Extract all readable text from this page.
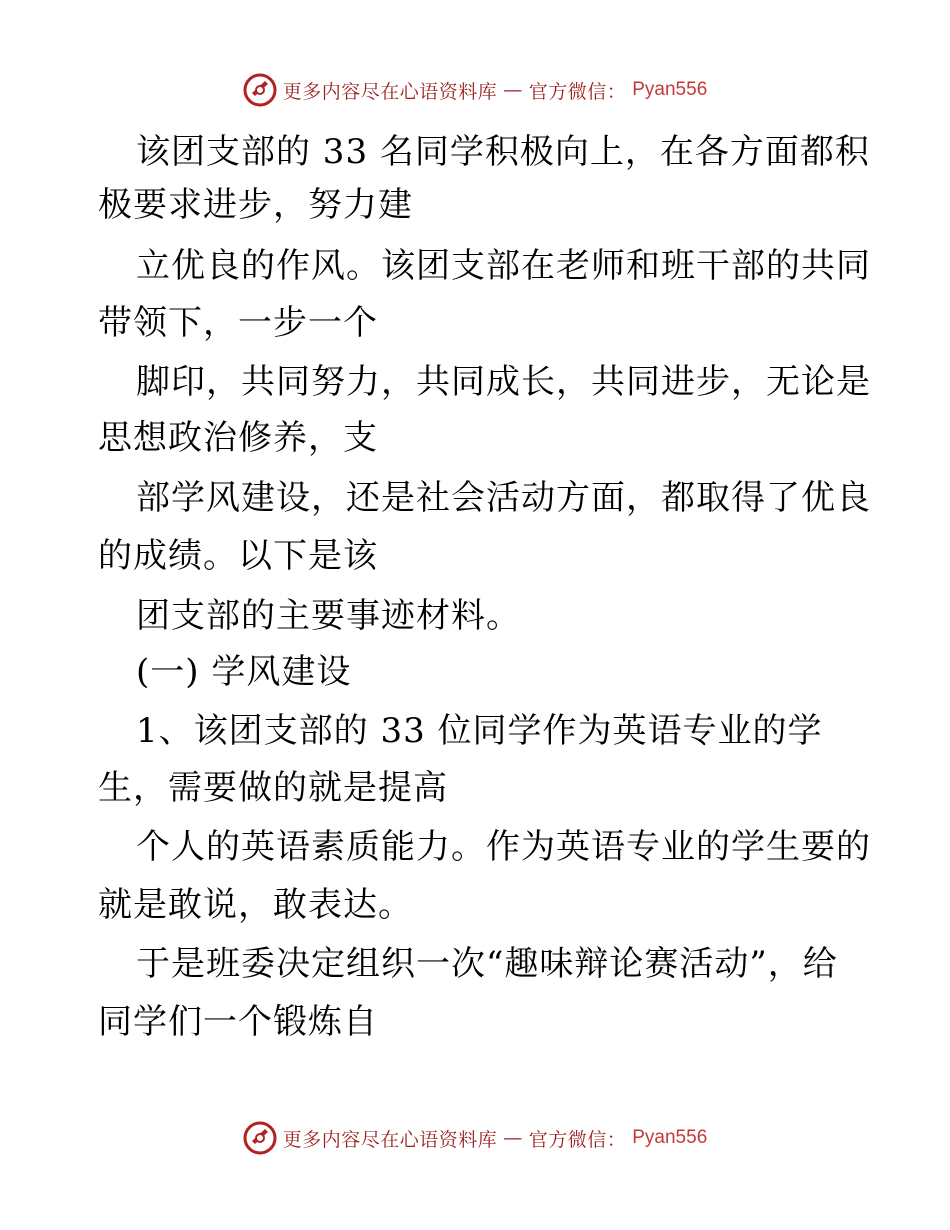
更多内容尽在心语资料库 — 官方微信： Pyan556
该团支部的 33 名同学积极向上，在各方面都积
极要求进步，努力建
立优良的作风。该团支部在老师和班干部的共同
带领下，一步一个
脚印，共同努力，共同成长，共同进步，无论是
思想政治修养，支
部学风建设，还是社会活动方面，都取得了优良
的成绩。以下是该
团支部的主要事迹材料。
(一) 学风建设
1、该团支部的 33 位同学作为英语专业的学
生，需要做的就是提高
个人的英语素质能力。作为英语专业的学生要的
就是敢说，敢表达。
于是班委决定组织一次“趣味辩论赛活动”，给
同学们一个锻炼自
更多内容尽在心语资料库 — 官方微信： Pyan556
